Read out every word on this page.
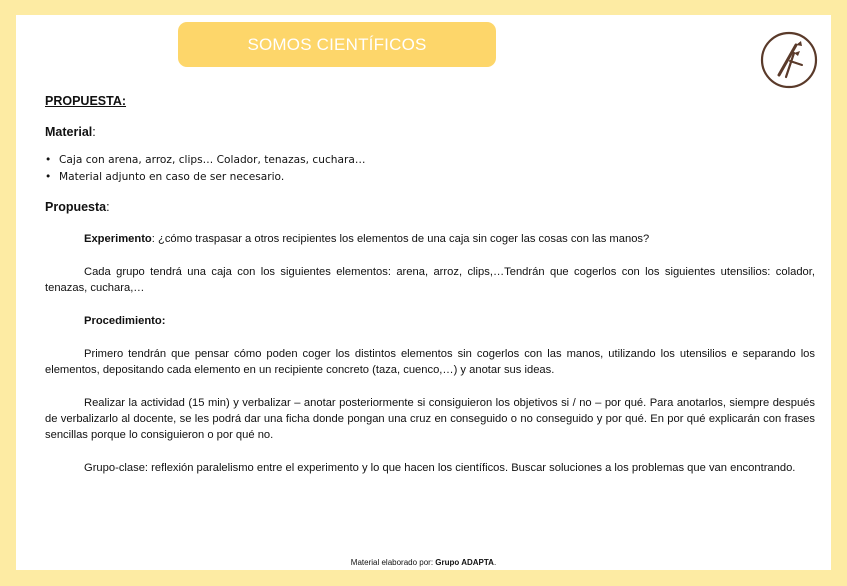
SOMOS CIENTÍFICOS

PROPUESTA:

Material:

• Caja con arena, arroz, clips… Colador, tenazas, cuchara…
• Material adjunto en caso de ser necesario.

Propuesta:

Experimento: ¿cómo traspasar a otros recipientes los elementos de una caja sin coger las cosas con las manos?

Cada grupo tendrá una caja con los siguientes elementos: arena, arroz, clips,…Tendrán que cogerlos con los siguientes utensilios: colador, tenazas, cuchara,…

Procedimiento:

Primero tendrán que pensar cómo poden coger los distintos elementos sin cogerlos con las manos, utilizando los utensilios e separando los elementos, depositando cada elemento en un recipiente concreto (taza, cuenco,…) y anotar sus ideas.

Realizar la actividad (15 min) y verbalizar – anotar posteriormente si consiguieron los objetivos si / no – por qué. Para anotarlos, siempre después de verbalizarlo al docente, se les podrá dar una ficha donde pongan una cruz en conseguido o no conseguido y por qué. En por qué explicarán con frases sencillas porque lo consiguieron o por qué no.

Grupo-clase: reflexión paralelismo entre el experimento y lo que hacen los científicos. Buscar soluciones a los problemas que van encontrando.

Material elaborado por: Grupo ADAPTA.
